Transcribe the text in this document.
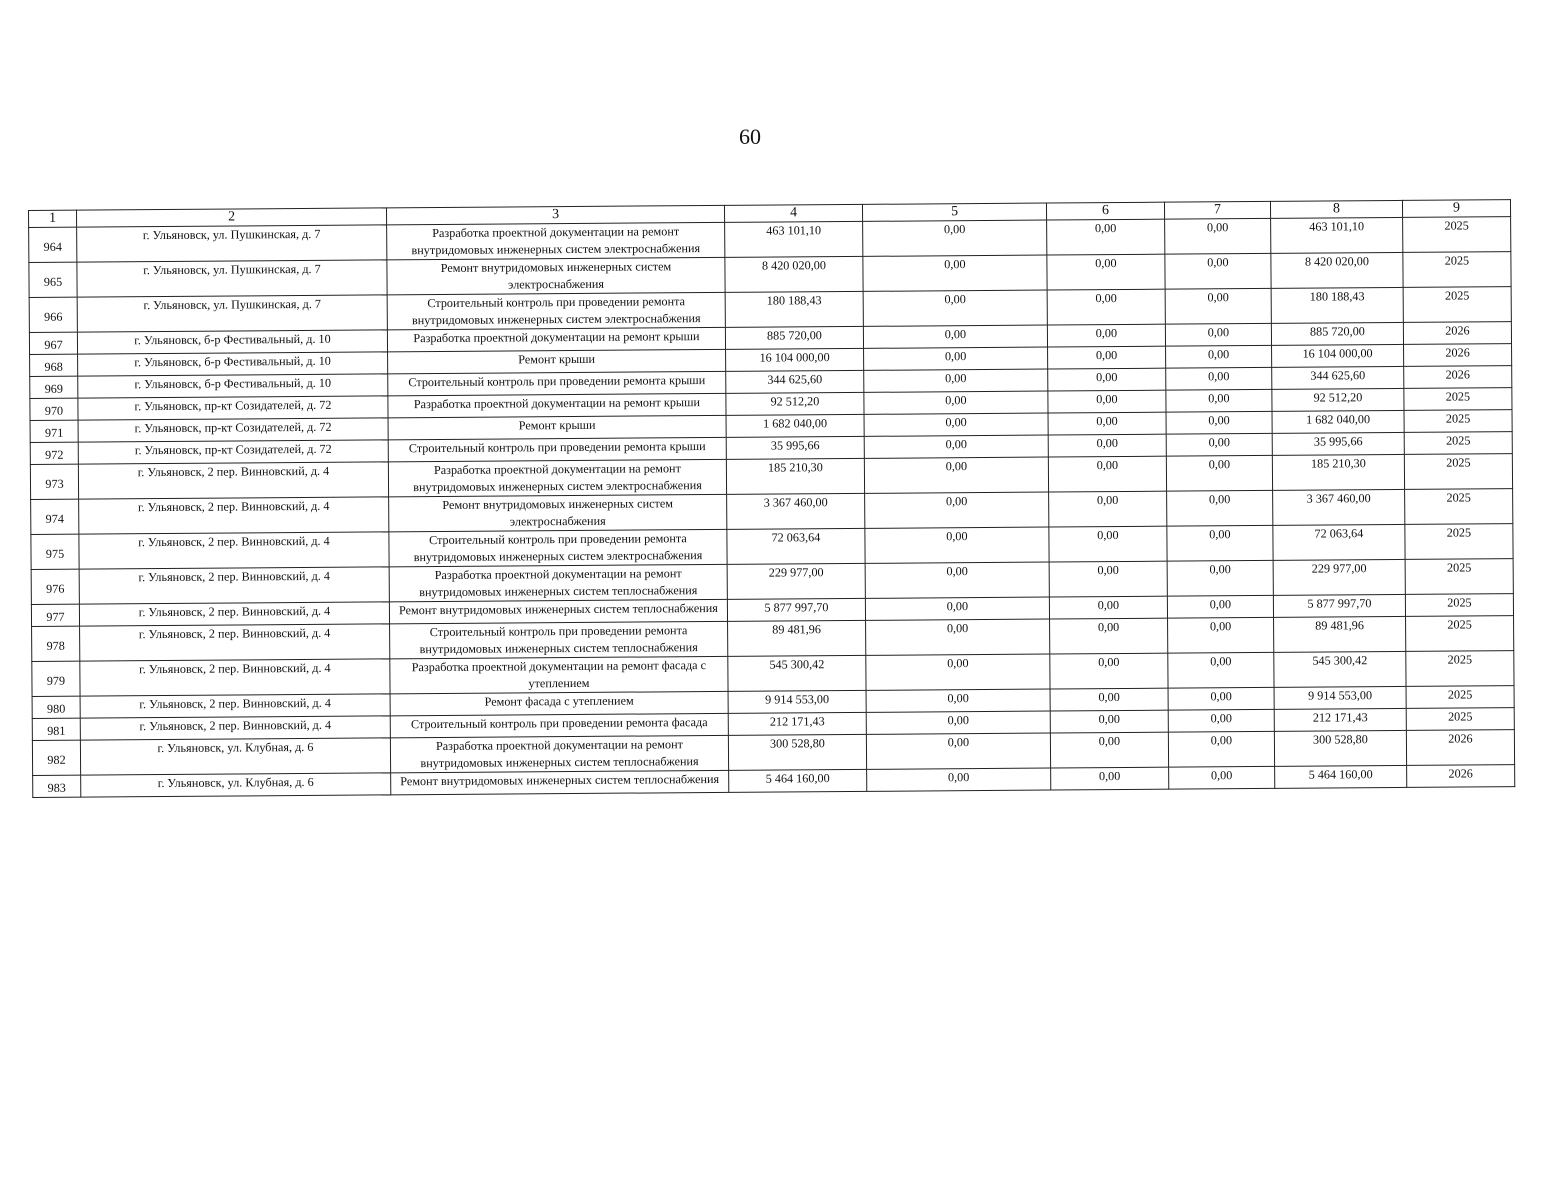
60
1	2	3	4	5	6	7	8	9
964	г. Ульяновск, ул. Пушкинская, д. 7	Разработка проектной документации на ремонт внутридомовых инженерных систем электроснабжения	463 101,10	0,00	0,00	0,00	463 101,10	2025
965	г. Ульяновск, ул. Пушкинская, д. 7	Ремонт внутридомовых инженерных систем электроснабжения	8 420 020,00	0,00	0,00	0,00	8 420 020,00	2025
966	г. Ульяновск, ул. Пушкинская, д. 7	Строительный контроль при проведении ремонта внутридомовых инженерных систем электроснабжения	180 188,43	0,00	0,00	0,00	180 188,43	2025
967	г. Ульяновск, б-р Фестивальный, д. 10	Разработка проектной документации на ремонт крыши	885 720,00	0,00	0,00	0,00	885 720,00	2026
968	г. Ульяновск, б-р Фестивальный, д. 10	Ремонт крыши	16 104 000,00	0,00	0,00	0,00	16 104 000,00	2026
969	г. Ульяновск, б-р Фестивальный, д. 10	Строительный контроль при проведении ремонта крыши	344 625,60	0,00	0,00	0,00	344 625,60	2026
970	г. Ульяновск, пр-кт Созидателей, д. 72	Разработка проектной документации на ремонт крыши	92 512,20	0,00	0,00	0,00	92 512,20	2025
971	г. Ульяновск, пр-кт Созидателей, д. 72	Ремонт крыши	1 682 040,00	0,00	0,00	0,00	1 682 040,00	2025
972	г. Ульяновск, пр-кт Созидателей, д. 72	Строительный контроль при проведении ремонта крыши	35 995,66	0,00	0,00	0,00	35 995,66	2025
973	г. Ульяновск, 2 пер. Винновский, д. 4	Разработка проектной документации на ремонт внутридомовых инженерных систем электроснабжения	185 210,30	0,00	0,00	0,00	185 210,30	2025
974	г. Ульяновск, 2 пер. Винновский, д. 4	Ремонт внутридомовых инженерных систем электроснабжения	3 367 460,00	0,00	0,00	0,00	3 367 460,00	2025
975	г. Ульяновск, 2 пер. Винновский, д. 4	Строительный контроль при проведении ремонта внутридомовых инженерных систем электроснабжения	72 063,64	0,00	0,00	0,00	72 063,64	2025
976	г. Ульяновск, 2 пер. Винновский, д. 4	Разработка проектной документации на ремонт внутридомовых инженерных систем теплоснабжения	229 977,00	0,00	0,00	0,00	229 977,00	2025
977	г. Ульяновск, 2 пер. Винновский, д. 4	Ремонт внутридомовых инженерных систем теплоснабжения	5 877 997,70	0,00	0,00	0,00	5 877 997,70	2025
978	г. Ульяновск, 2 пер. Винновский, д. 4	Строительный контроль при проведении ремонта внутридомовых инженерных систем теплоснабжения	89 481,96	0,00	0,00	0,00	89 481,96	2025
979	г. Ульяновск, 2 пер. Винновский, д. 4	Разработка проектной документации на ремонт фасада с утеплением	545 300,42	0,00	0,00	0,00	545 300,42	2025
980	г. Ульяновск, 2 пер. Винновский, д. 4	Ремонт фасада с утеплением	9 914 553,00	0,00	0,00	0,00	9 914 553,00	2025
981	г. Ульяновск, 2 пер. Винновский, д. 4	Строительный контроль при проведении ремонта фасада	212 171,43	0,00	0,00	0,00	212 171,43	2025
982	г. Ульяновск, ул. Клубная, д. 6	Разработка проектной документации на ремонт внутридомовых инженерных систем теплоснабжения	300 528,80	0,00	0,00	0,00	300 528,80	2026
983	г. Ульяновск, ул. Клубная, д. 6	Ремонт внутридомовых инженерных систем теплоснабжения	5 464 160,00	0,00	0,00	0,00	5 464 160,00	2026
